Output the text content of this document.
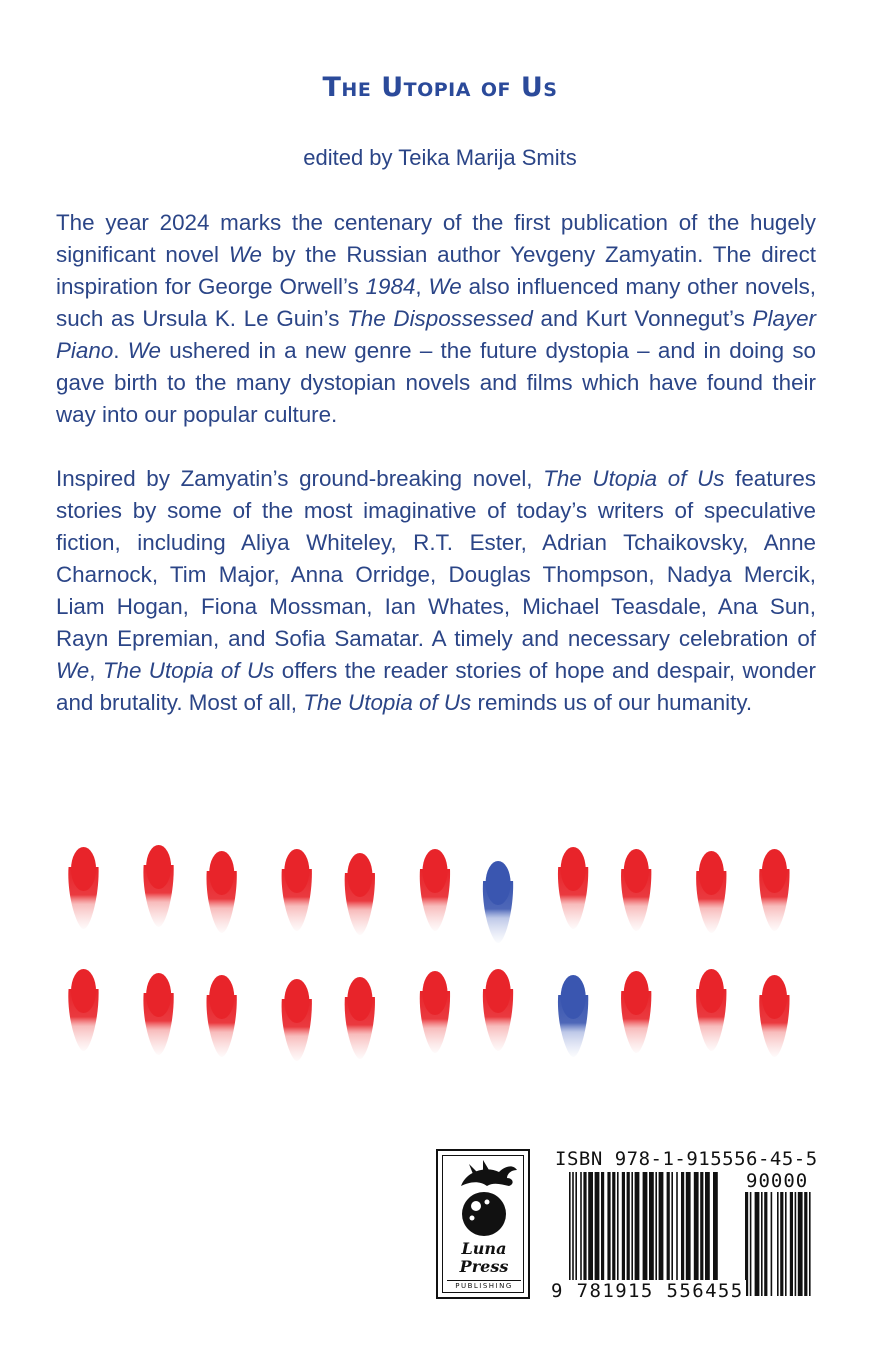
The Utopia of Us
edited by Teika Marija Smits
The year 2024 marks the centenary of the first publication of the hugely significant novel We by the Russian author Yevgeny Zamyatin. The direct inspiration for George Orwell’s 1984, We also influenced many other novels, such as Ursula K. Le Guin’s The Dispossessed and Kurt Vonnegut’s Player Piano. We ushered in a new genre – the future dystopia – and in doing so gave birth to the many dystopian novels and films which have found their way into our popular culture.
Inspired by Zamyatin’s ground-breaking novel, The Utopia of Us features stories by some of the most imaginative of today’s writers of speculative fiction, including Aliya Whiteley, R.T. Ester, Adrian Tchaikovsky, Anne Charnock, Tim Major, Anna Orridge, Douglas Thompson, Nadya Mercik, Liam Hogan, Fiona Mossman, Ian Whates, Michael Teasdale, Ana Sun, Rayn Epremian, and Sofia Samatar. A timely and necessary celebration of We, The Utopia of Us offers the reader stories of hope and despair, wonder and brutality. Most of all, The Utopia of Us reminds us of our humanity.
Luna
Press
PUBLISHING
ISBN 978-1-915556-45-5
90000
9 781915 556455
